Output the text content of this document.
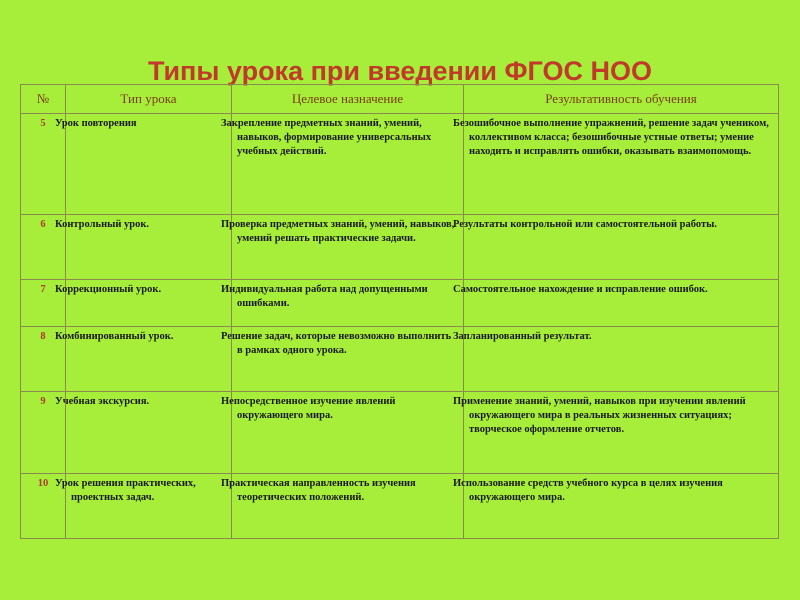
Типы урока при введении ФГОС НОО
№	Тип урока	Целевое назначение	Результативность обучения
5	Урок повторения	Закрепление предметных знаний, умений, навыков, формирование универсальных учебных действий.	Безошибочное выполнение упражнений, решение задач учеником, коллективом класса; безошибочные устные ответы; умение находить и исправлять ошибки, оказывать взаимопомощь.
6	Контрольный урок.	Проверка предметных знаний, умений, навыков, умений решать практические задачи.	Результаты контрольной или самостоятельной работы.
7	Коррекционный урок.	Индивидуальная работа над допущенными ошибками.	Самостоятельное нахождение и исправление ошибок.
8	Комбинированный урок.	Решение задач, которые невозможно выполнить в рамках одного урока.	Запланированный результат.
9	Учебная экскурсия.	Непосредственное изучение явлений окружающего мира.	Применение знаний, умений, навыков при изучении явлений окружающего мира в реальных жизненных ситуациях; творческое оформление отчетов.
10	Урок решения практических, проектных задач.	Практическая направленность изучения теоретических положений.	Использование средств учебного курса в целях изучения окружающего мира.
